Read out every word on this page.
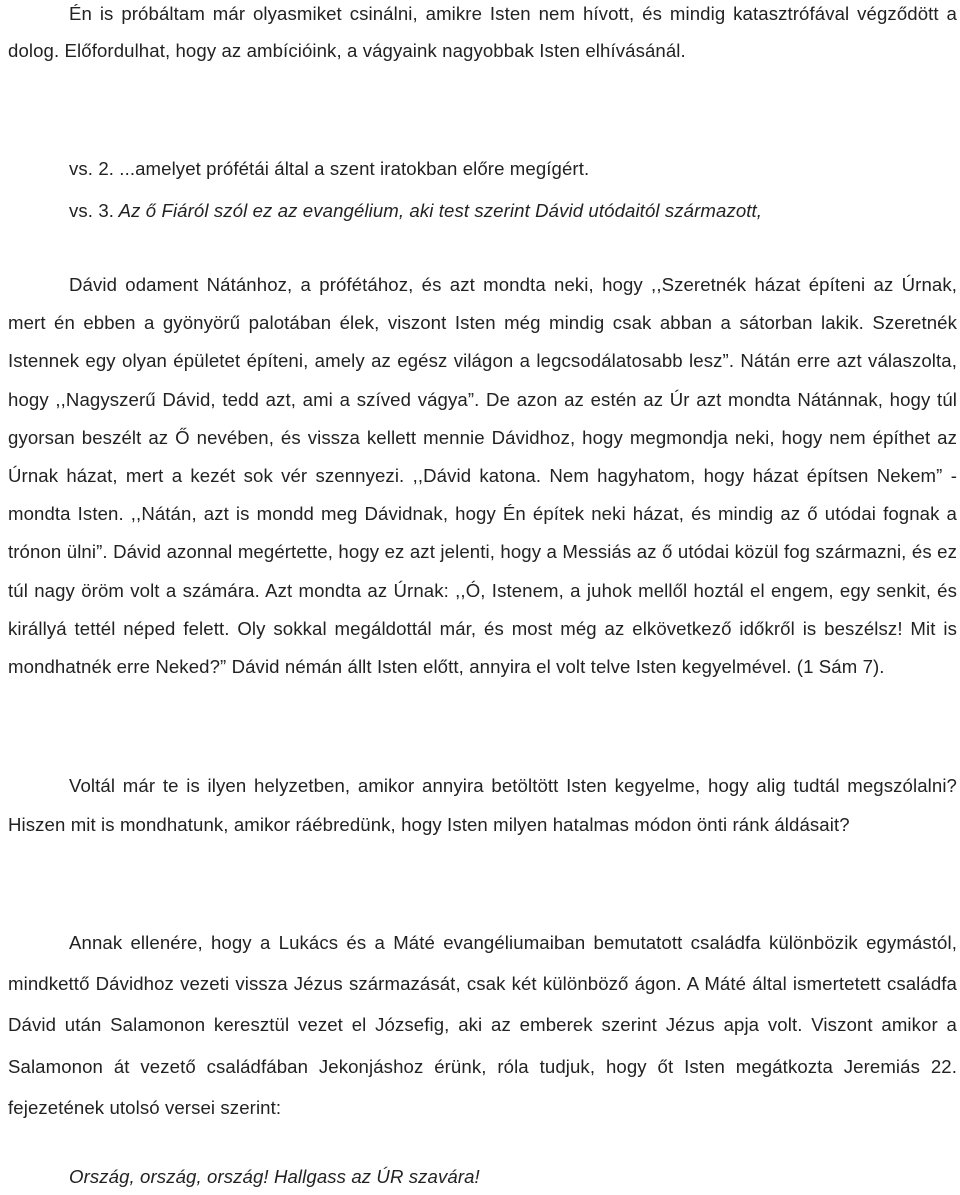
Én is próbáltam már olyasmiket csinálni, amikre Isten nem hívott, és mindig katasztrófával végződött a dolog. Előfordulhat, hogy az ambícióink, a vágyaink nagyobbak Isten elhívásánál.

vs. 2. ...amelyet prófétái által a szent iratokban előre megígért.

vs. 3. Az ő Fiáról szól ez az evangélium, aki test szerint Dávid utódaitól származott,

Dávid odament Nátánhoz, a prófétához, és azt mondta neki, hogy ,,Szeretnék házat építeni az Úrnak, mert én ebben a gyönyörű palotában élek, viszont Isten még mindig csak abban a sátorban lakik. Szeretnék Istennek egy olyan épületet építeni, amely az egész világon a legcsodálatosabb lesz”. Nátán erre azt válaszolta, hogy ,,Nagyszerű Dávid, tedd azt, ami a szíved vágya”. De azon az estén az Úr azt mondta Nátánnak, hogy túl gyorsan beszélt az Ő nevében, és vissza kellett mennie Dávidhoz, hogy megmondja neki, hogy nem építhet az Úrnak házat, mert a kezét sok vér szennyezi. ,,Dávid katona. Nem hagyhatom, hogy házat építsen Nekem” - mondta Isten. ,,Nátán, azt is mondd meg Dávidnak, hogy Én építek neki házat, és mindig az ő utódai fognak a trónon ülni”. Dávid azonnal megértette, hogy ez azt jelenti, hogy a Messiás az ő utódai közül fog származni, és ez túl nagy öröm volt a számára. Azt mondta az Úrnak: ,,Ó, Istenem, a juhok mellől hoztál el engem, egy senkit, és királlyá tettél néped felett. Oly sokkal megáldottál már, és most még az elkövetkező időkről is beszélsz! Mit is mondhatnék erre Neked?” Dávid némán állt Isten előtt, annyira el volt telve Isten kegyelmével. (1 Sám 7).

Voltál már te is ilyen helyzetben, amikor annyira betöltött Isten kegyelme, hogy alig tudtál megszólalni? Hiszen mit is mondhatunk, amikor ráébredünk, hogy Isten milyen hatalmas módon önti ránk áldásait?

Annak ellenére, hogy a Lukács és a Máté evangéliumaiban bemutatott családfa különbözik egymástól, mindkettő Dávidhoz vezeti vissza Jézus származását, csak két különböző ágon. A Máté által ismertetett családfa Dávid után Salamonon keresztül vezet el Józsefig, aki az emberek szerint Jézus apja volt. Viszont amikor a Salamonon át vezető családfában Jekonjáshoz érünk, róla tudjuk, hogy őt Isten megátkozta Jeremiás 22. fejezetének utolsó versei szerint:

Ország, ország, ország! Hallgass az ÚR szavára!
